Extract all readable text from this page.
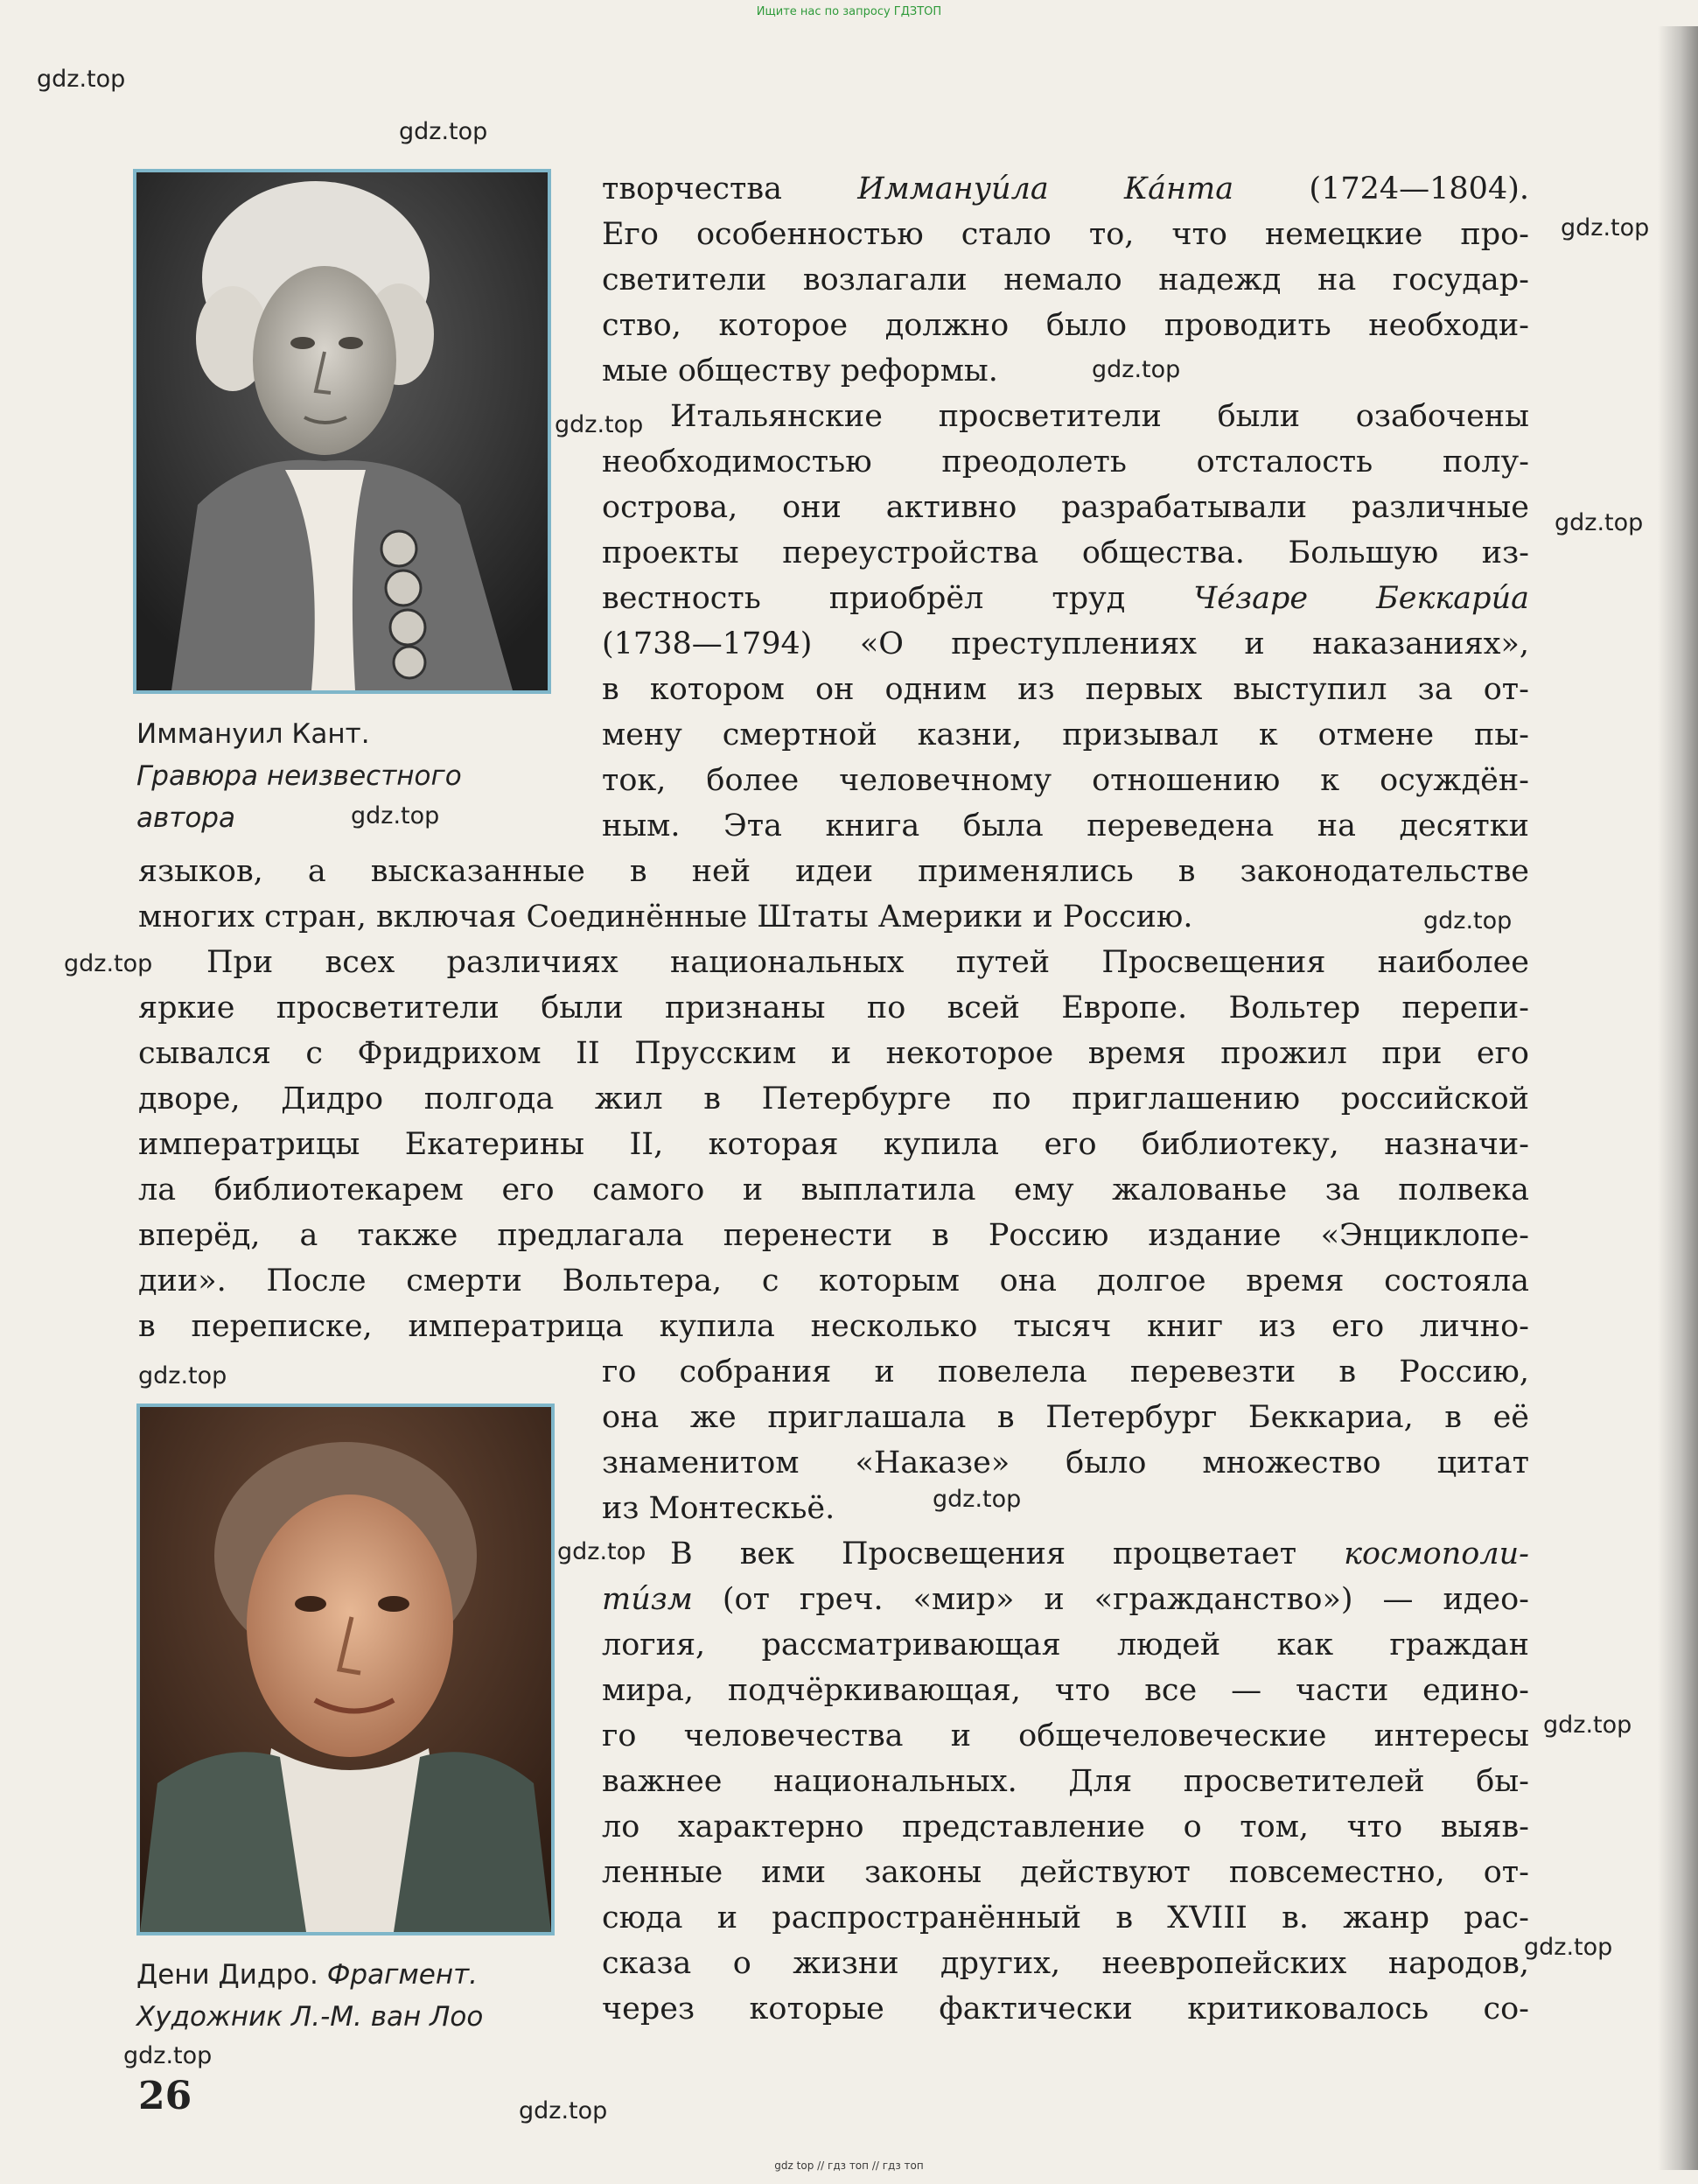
Ищите нас по запросу ГДЗТОП
gdz.top
gdz.top
gdz.top
gdz.top
gdz.top
gdz.top
gdz.top
gdz.top
gdz.top
gdz.top
gdz.top
gdz.top
gdz.top
gdz.top
gdz.top
gdz.top
Иммануил Кант.
Гравюра неизвестного
автора
Дени Дидро. Фрагмент.
Художник Л.-М. ван Лоо
творчества Иммануи́ла Ка́нта (1724—1804).
Его особенностью стало то, что немецкие про-
светители возлагали немало надежд на государ-
ство, которое должно было проводить необходи-
мые обществу реформы.
Итальянские просветители были озабочены
необходимостью преодолеть отсталость полу-
острова, они активно разрабатывали различные
проекты переустройства общества. Большую из-
вестность приобрёл труд Че́заре Беккари́а
(1738—1794) «О преступлениях и наказаниях»,
в котором он одним из первых выступил за от-
мену смертной казни, призывал к отмене пы-
ток, более человечному отношению к осуждён-
ным. Эта книга была переведена на десятки
языков, а высказанные в ней идеи применялись в законодательстве
многих стран, включая Соединённые Штаты Америки и Россию.
При всех различиях национальных путей Просвещения наиболее
яркие просветители были признаны по всей Европе. Вольтер перепи-
сывался с Фридрихом II Прусским и некоторое время прожил при его
дворе, Дидро полгода жил в Петербурге по приглашению российской
императрицы Екатерины II, которая купила его библиотеку, назначи-
ла библиотекарем его самого и выплатила ему жалованье за полвека
вперёд, а также предлагала перенести в Россию издание «Энциклопе-
дии». После смерти Вольтера, с которым она долгое время состояла
в переписке, императрица купила несколько тысяч книг из его лично-
го собрания и повелела перевезти в Россию,
она же приглашала в Петербург Беккариа, в её
знаменитом «Наказе» было множество цитат
из Монтескьё.
В век Просвещения процветает космополи-
ти́зм (от греч. «мир» и «гражданство») — идео-
логия, рассматривающая людей как граждан
мира, подчёркивающая, что все — части едино-
го человечества и общечеловеческие интересы
важнее национальных. Для просветителей бы-
ло характерно представление о том, что выяв-
ленные ими законы действуют повсеместно, от-
сюда и распространённый в XVIII в. жанр рас-
сказа о жизни других, неевропейских народов,
через которые фактически критиковалось со-
26
gdz top // гдз топ // гдз топ
